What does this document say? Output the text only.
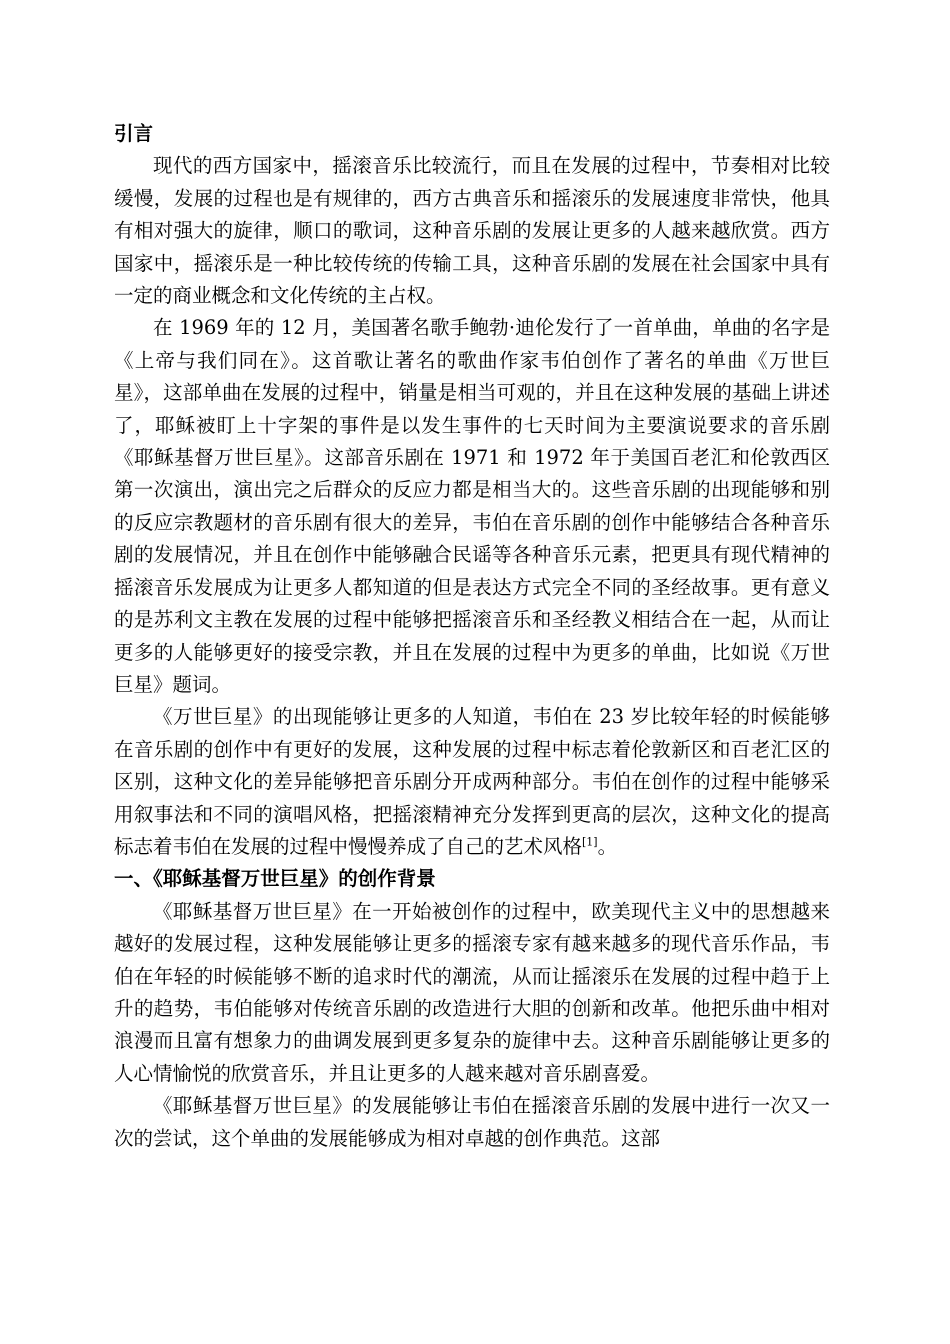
引言

现代的西方国家中，摇滚音乐比较流行，而且在发展的过程中，节奏相对比较缓慢，发展的过程也是有规律的，西方古典音乐和摇滚乐的发展速度非常快，他具有相对强大的旋律，顺口的歌词，这种音乐剧的发展让更多的人越来越欣赏。西方国家中，摇滚乐是一种比较传统的传输工具，这种音乐剧的发展在社会国家中具有一定的商业概念和文化传统的主占权。

在 1969 年的 12 月，美国著名歌手鲍勃·迪伦发行了一首单曲，单曲的名字是《上帝与我们同在》。这首歌让著名的歌曲作家韦伯创作了著名的单曲《万世巨星》，这部单曲在发展的过程中，销量是相当可观的，并且在这种发展的基础上讲述了，耶稣被盯上十字架的事件是以发生事件的七天时间为主要演说要求的音乐剧《耶稣基督万世巨星》。这部音乐剧在 1971 和 1972 年于美国百老汇和伦敦西区第一次演出，演出完之后群众的反应力都是相当大的。这些音乐剧的出现能够和别的反应宗教题材的音乐剧有很大的差异，韦伯在音乐剧的创作中能够结合各种音乐剧的发展情况，并且在创作中能够融合民谣等各种音乐元素，把更具有现代精神的摇滚音乐发展成为让更多人都知道的但是表达方式完全不同的圣经故事。更有意义的是苏利文主教在发展的过程中能够把摇滚音乐和圣经教义相结合在一起，从而让更多的人能够更好的接受宗教，并且在发展的过程中为更多的单曲，比如说《万世巨星》题词。

《万世巨星》的出现能够让更多的人知道，韦伯在 23 岁比较年轻的时候能够在音乐剧的创作中有更好的发展，这种发展的过程中标志着伦敦新区和百老汇区的区别，这种文化的差异能够把音乐剧分开成两种部分。韦伯在创作的过程中能够采用叙事法和不同的演唱风格，把摇滚精神充分发挥到更高的层次，这种文化的提高标志着韦伯在发展的过程中慢慢养成了自己的艺术风格[1]。

一、《耶稣基督万世巨星》的创作背景

《耶稣基督万世巨星》在一开始被创作的过程中，欧美现代主义中的思想越来越好的发展过程，这种发展能够让更多的摇滚专家有越来越多的现代音乐作品，韦伯在年轻的时候能够不断的追求时代的潮流，从而让摇滚乐在发展的过程中趋于上升的趋势，韦伯能够对传统音乐剧的改造进行大胆的创新和改革。他把乐曲中相对浪漫而且富有想象力的曲调发展到更多复杂的旋律中去。这种音乐剧能够让更多的人心情愉悦的欣赏音乐，并且让更多的人越来越对音乐剧喜爱。

《耶稣基督万世巨星》的发展能够让韦伯在摇滚音乐剧的发展中进行一次又一次的尝试，这个单曲的发展能够成为相对卓越的创作典范。这部
